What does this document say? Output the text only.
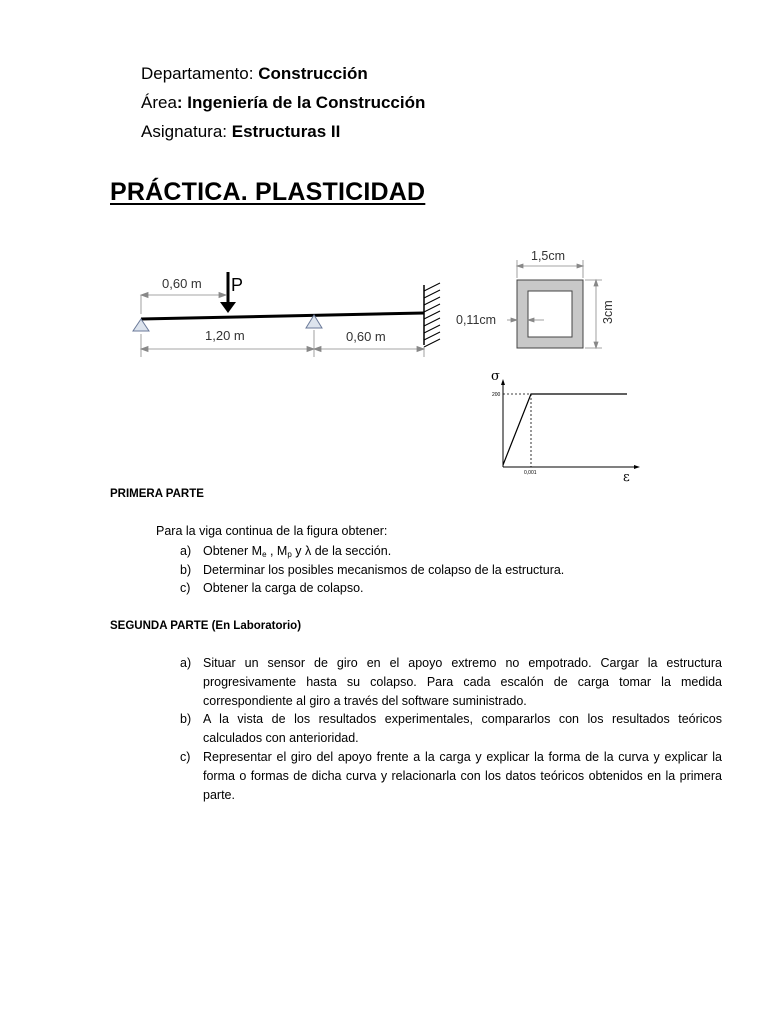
Departamento: Construcción
Área: Ingeniería de la Construcción
Asignatura: Estructuras II
PRÁCTICA. PLASTICIDAD
P
0,60 m
1,20 m	0,60 m
1,5cm
3cm
0,11cm
σ
ε
200
0,001
PRIMERA PARTE
Para la viga continua de la figura obtener:
a) Obtener $M_e$ , $M_p$ y λ de la sección.
b) Determinar los posibles mecanismos de colapso de la estructura.
c) Obtener la carga de colapso.
SEGUNDA PARTE (En Laboratorio)
a) Situar un sensor de giro en el apoyo extremo no empotrado. Cargar la estructura progresivamente hasta su colapso. Para cada escalón de carga tomar la medida correspondiente al giro a través del software suministrado.
b) A la vista de los resultados experimentales, compararlos con los resultados teóricos calculados con anterioridad.
c) Representar el giro del apoyo frente a la carga y explicar la forma de la curva y explicar la forma o formas de dicha curva y relacionarla con los datos teóricos obtenidos en la primera parte.
